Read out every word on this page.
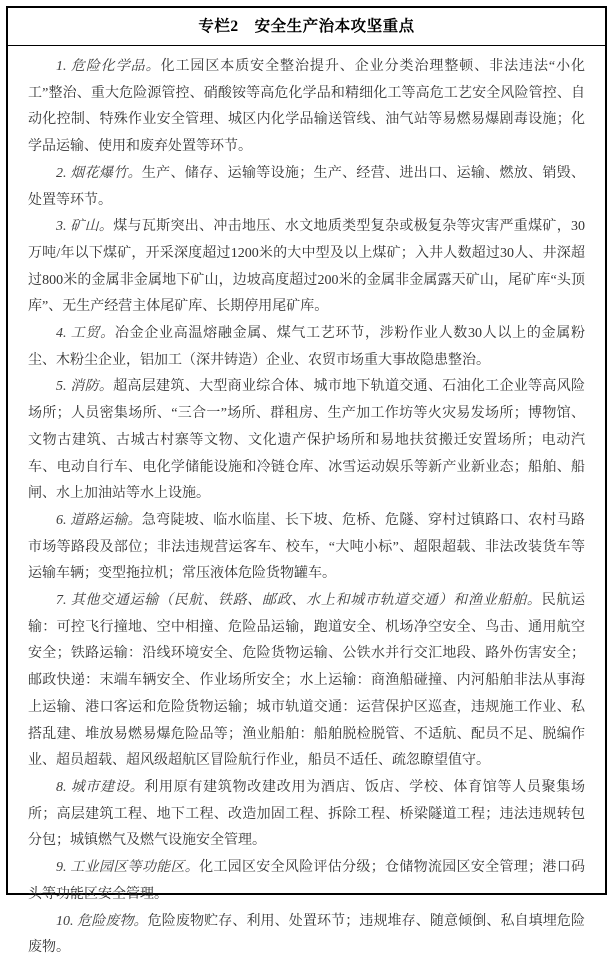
专栏2　安全生产治本攻坚重点

1. 危险化学品。化工园区本质安全整治提升、企业分类治理整顿、非法违法“小化工”整治、重大危险源管控、硝酸铵等高危化学品和精细化工等高危工艺安全风险管控、自动化控制、特殊作业安全管理、城区内化学品输送管线、油气站等易燃易爆剧毒设施；化学品运输、使用和废弃处置等环节。

2. 烟花爆竹。生产、储存、运输等设施；生产、经营、进出口、运输、燃放、销毁、处置等环节。

3. 矿山。煤与瓦斯突出、冲击地压、水文地质类型复杂或极复杂等灾害严重煤矿，30万吨/年以下煤矿，开采深度超过1200米的大中型及以上煤矿；入井人数超过30人、井深超过800米的金属非金属地下矿山，边坡高度超过200米的金属非金属露天矿山，尾矿库“头顶库”、无生产经营主体尾矿库、长期停用尾矿库。

4. 工贸。冶金企业高温熔融金属、煤气工艺环节，涉粉作业人数30人以上的金属粉尘、木粉尘企业，铝加工（深井铸造）企业、农贸市场重大事故隐患整治。

5. 消防。超高层建筑、大型商业综合体、城市地下轨道交通、石油化工企业等高风险场所；人员密集场所、“三合一”场所、群租房、生产加工作坊等火灾易发场所；博物馆、文物古建筑、古城古村寨等文物、文化遗产保护场所和易地扶贫搬迁安置场所；电动汽车、电动自行车、电化学储能设施和冷链仓库、冰雪运动娱乐等新产业新业态；船舶、船闸、水上加油站等水上设施。

6. 道路运输。急弯陡坡、临水临崖、长下坡、危桥、危隧、穿村过镇路口、农村马路市场等路段及部位；非法违规营运客车、校车，“大吨小标”、超限超载、非法改装货车等运输车辆；变型拖拉机；常压液体危险货物罐车。

7. 其他交通运输（民航、铁路、邮政、水上和城市轨道交通）和渔业船舶。民航运输：可控飞行撞地、空中相撞、危险品运输，跑道安全、机场净空安全、鸟击、通用航空安全；铁路运输：沿线环境安全、危险货物运输、公铁水并行交汇地段、路外伤害安全；邮政快递：末端车辆安全、作业场所安全；水上运输：商渔船碰撞、内河船舶非法从事海上运输、港口客运和危险货物运输；城市轨道交通：运营保护区巡查，违规施工作业、私搭乱建、堆放易燃易爆危险品等；渔业船舶：船舶脱检脱管、不适航、配员不足、脱编作业、超员超载、超风级超航区冒险航行作业，船员不适任、疏忽瞭望值守。

8. 城市建设。利用原有建筑物改建改用为酒店、饭店、学校、体育馆等人员聚集场所；高层建筑工程、地下工程、改造加固工程、拆除工程、桥梁隧道工程；违法违规转包分包；城镇燃气及燃气设施安全管理。

9. 工业园区等功能区。化工园区安全风险评估分级；仓储物流园区安全管理；港口码头等功能区安全管理。

10. 危险废物。危险废物贮存、利用、处置环节；违规堆存、随意倾倒、私自填埋危险废物。
